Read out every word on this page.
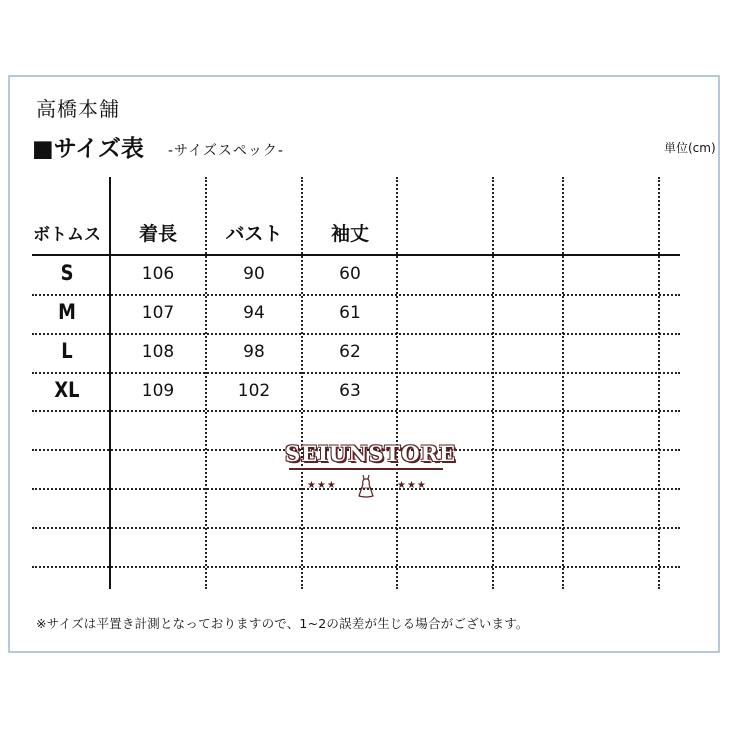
高橋本舗
■サイズ表 -サイズスペック-	単位(cm)
ボトムス	着長	バスト	袖丈
S	106	90	60
M	107	94	61
L	108	98	62
XL	109	102	63
SEIUNSTORE
★★★	★★★
※サイズは平置き計測となっておりますので、1~2の誤差が生じる場合がございます。
